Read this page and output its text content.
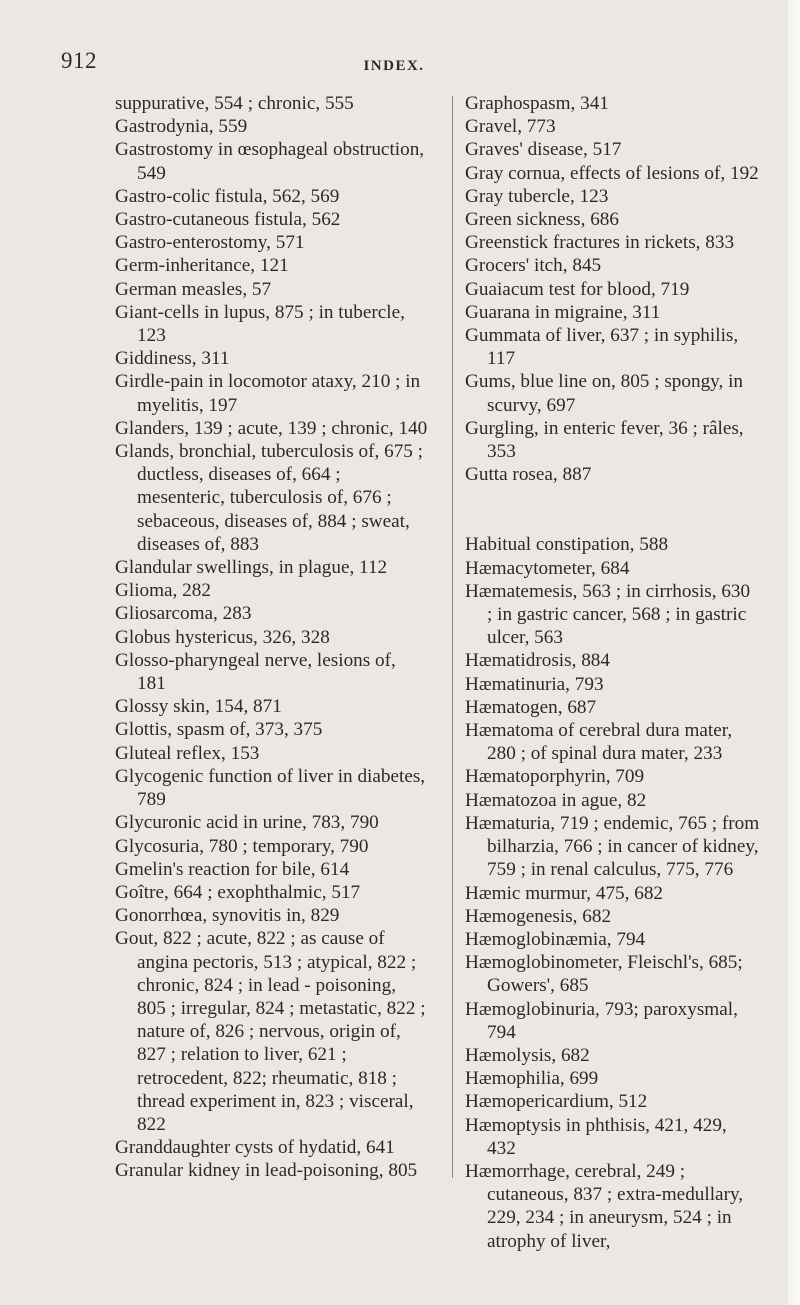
912	INDEX.

suppurative, 554 ; chronic, 555
Gastrodynia, 559
Gastrostomy in œsophageal obstruction, 549
Gastro-colic fistula, 562, 569
Gastro-cutaneous fistula, 562
Gastro-enterostomy, 571
Germ-inheritance, 121
German measles, 57
Giant-cells in lupus, 875 ; in tubercle, 123
Giddiness, 311
Girdle-pain in locomotor ataxy, 210 ; in myelitis, 197
Glanders, 139 ; acute, 139 ; chronic, 140
Glands, bronchial, tuberculosis of, 675 ; ductless, diseases of, 664 ; mesenteric, tuberculosis of, 676 ; sebaceous, diseases of, 884 ; sweat, diseases of, 883
Glandular swellings, in plague, 112
Glioma, 282
Gliosarcoma, 283
Globus hystericus, 326, 328
Glosso-pharyngeal nerve, lesions of, 181
Glossy skin, 154, 871
Glottis, spasm of, 373, 375
Gluteal reflex, 153
Glycogenic function of liver in diabetes, 789
Glycuronic acid in urine, 783, 790
Glycosuria, 780 ; temporary, 790
Gmelin's reaction for bile, 614
Goître, 664 ; exophthalmic, 517
Gonorrhœa, synovitis in, 829
Gout, 822 ; acute, 822 ; as cause of angina pectoris, 513 ; atypical, 822 ; chronic, 824 ; in lead - poisoning, 805 ; irregular, 824 ; metastatic, 822 ; nature of, 826 ; nervous, origin of, 827 ; relation to liver, 621 ; retrocedent, 822; rheumatic, 818 ; thread experiment in, 823 ; visceral, 822
Granddaughter cysts of hydatid, 641
Granular kidney in lead-poisoning, 805
Graphospasm, 341
Gravel, 773
Graves' disease, 517
Gray cornua, effects of lesions of, 192
Gray tubercle, 123
Green sickness, 686
Greenstick fractures in rickets, 833
Grocers' itch, 845
Guaiacum test for blood, 719
Guarana in migraine, 311
Gummata of liver, 637 ; in syphilis, 117
Gums, blue line on, 805 ; spongy, in scurvy, 697
Gurgling, in enteric fever, 36 ; râles, 353
Gutta rosea, 887
Habitual constipation, 588
Hæmacytometer, 684
Hæmatemesis, 563 ; in cirrhosis, 630 ; in gastric cancer, 568 ; in gastric ulcer, 563
Hæmatidrosis, 884
Hæmatinuria, 793
Hæmatogen, 687
Hæmatoma of cerebral dura mater, 280 ; of spinal dura mater, 233
Hæmatoporphyrin, 709
Hæmatozoa in ague, 82
Hæmaturia, 719 ; endemic, 765 ; from bilharzia, 766 ; in cancer of kidney, 759 ; in renal calculus, 775, 776
Hæmic murmur, 475, 682
Hæmogenesis, 682
Hæmoglobinæmia, 794
Hæmoglobinometer, Fleischl's, 685; Gowers', 685
Hæmoglobinuria, 793; paroxysmal, 794
Hæmolysis, 682
Hæmophilia, 699
Hæmopericardium, 512
Hæmoptysis in phthisis, 421, 429, 432
Hæmorrhage, cerebral, 249 ; cutaneous, 837 ; extra-medullary, 229, 234 ; in aneurysm, 524 ; in atrophy of liver,
